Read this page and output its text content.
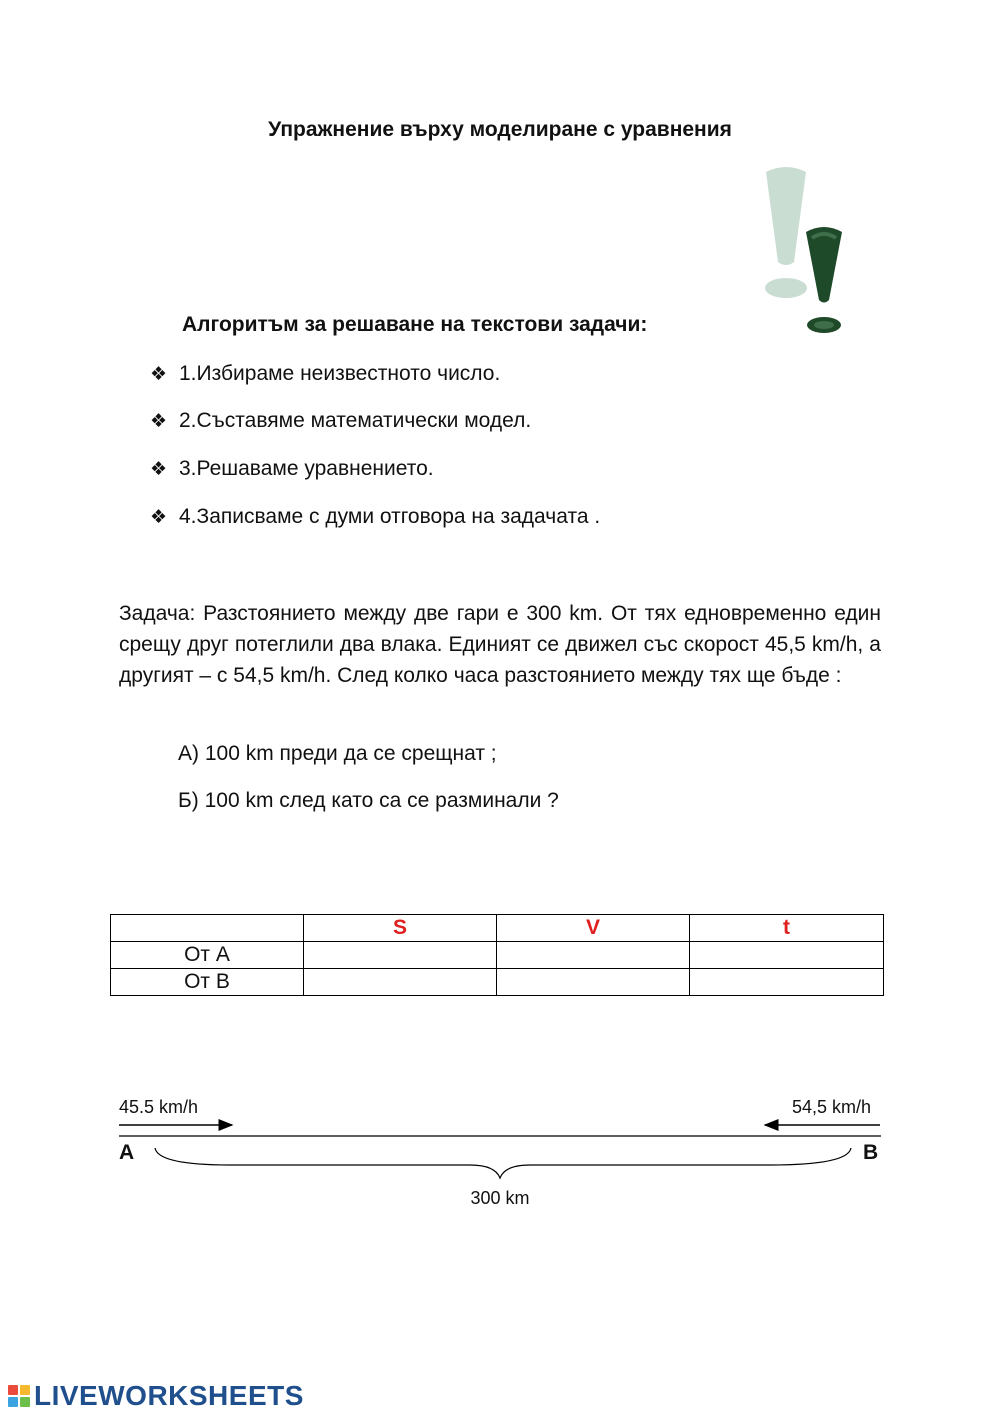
Упражнение върху моделиране с уравнения
Алгоритъм за решаване на текстови задачи:
❖ 1.Избираме неизвестното число.
❖ 2.Съставяме математически модел.
❖ 3.Решаваме уравнението.
❖ 4.Записваме с думи отговора на задачата .
Задача: Разстоянието между две гари е 300 km. От тях едновременно един срещу друг потеглили два влака. Единият се движел със скорост 45,5 km/h, а другият – с 54,5 km/h. След колко часа разстоянието между тях ще бъде :
А) 100 km преди да се срещнат ;
Б) 100 km след като са се разминали ?
	S	V	t
От А			
От В			
45.5 km/h	54,5 km/h
А	В
300 km
LIVEWORKSHEETS
